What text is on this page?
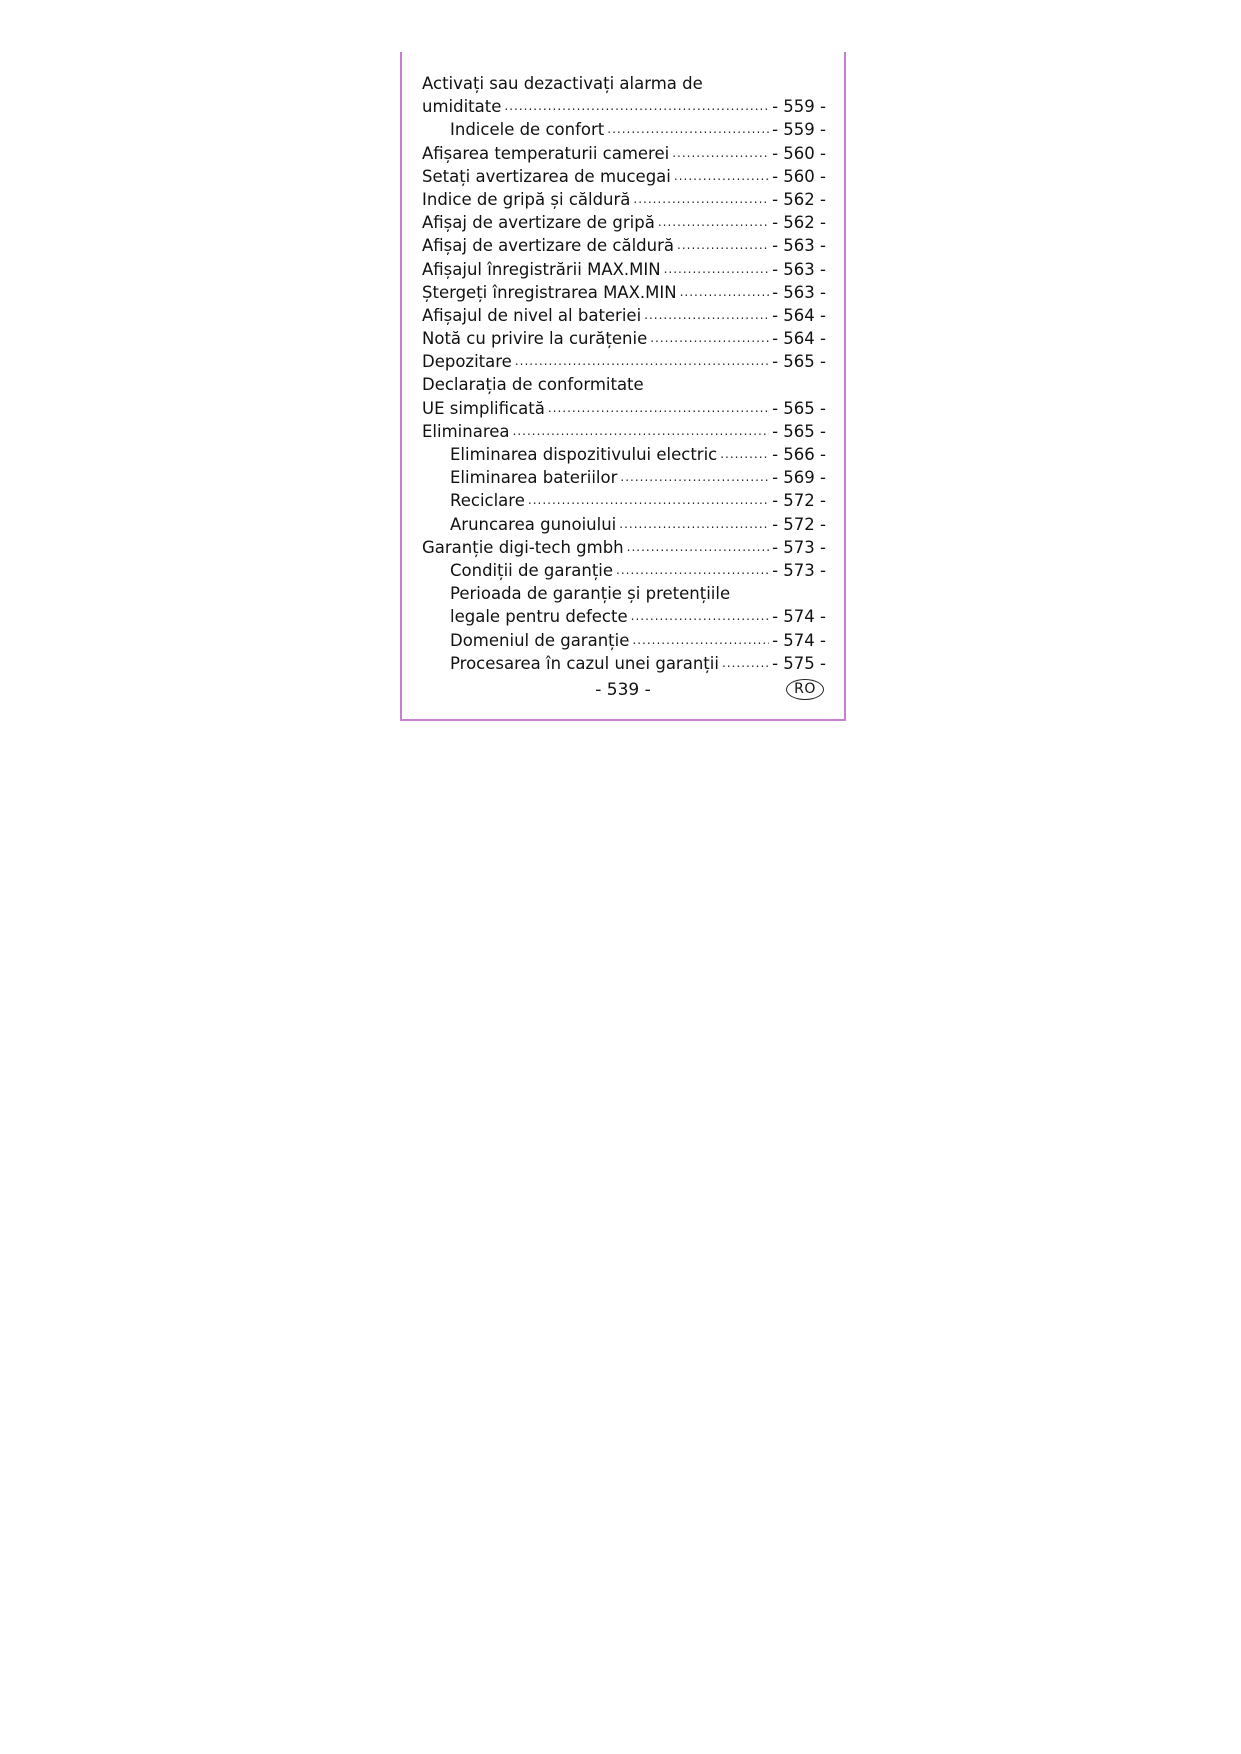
Activați sau dezactivați alarma de
umiditate .....	- 559 -
Indicele de confort .....	- 559 -
Afișarea temperaturii camerei .....	- 560 -
Setați avertizarea de mucegai .....	- 560 -
Indice de gripă și căldură .....	- 562 -
Afișaj de avertizare de gripă .....	- 562 -
Afișaj de avertizare de căldură .....	- 563 -
Afișajul înregistrării MAX.MIN .....	- 563 -
Ștergeți înregistrarea MAX.MIN .....	- 563 -
Afișajul de nivel al bateriei .....	- 564 -
Notă cu privire la curățenie .....	- 564 -
Depozitare .....	- 565 -
Declarația de conformitate
UE simplificată .....	- 565 -
Eliminarea .....	- 565 -
Eliminarea dispozitivului electric .....	- 566 -
Eliminarea bateriilor .....	- 569 -
Reciclare .....	- 572 -
Aruncarea gunoiului .....	- 572 -
Garanție digi-tech gmbh .....	- 573 -
Condiții de garanție .....	- 573 -
Perioada de garanție și pretențiile
legale pentru defecte .....	- 574 -
Domeniul de garanție .....	- 574 -
Procesarea în cazul unei garanții .....	- 575 -
- 539 -	RO
